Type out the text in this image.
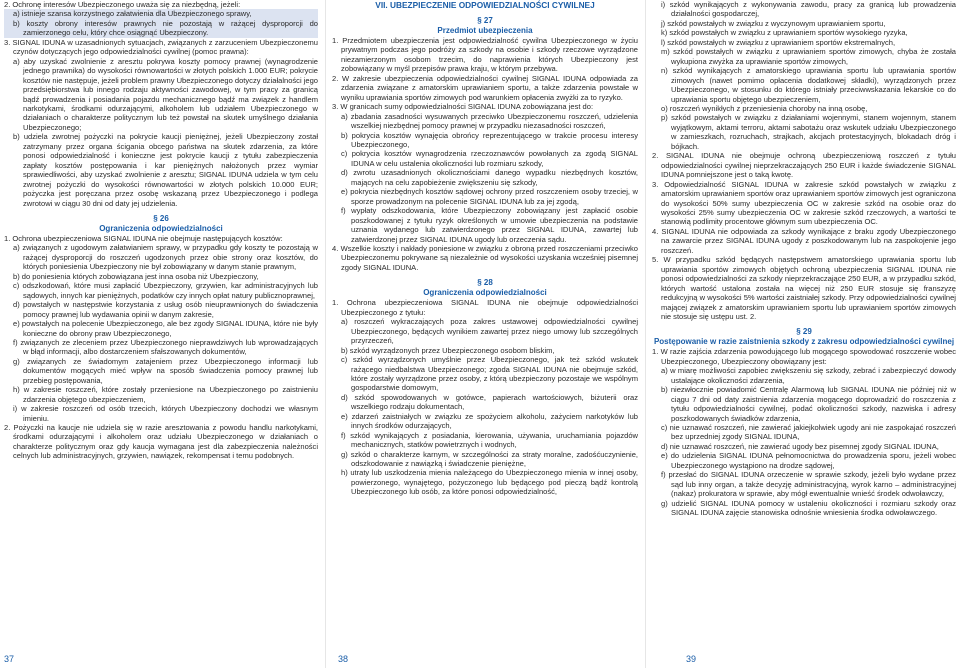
2. Ochronę interesów Ubezpieczonego uważa się za niezbędną, jeżeli:

a) istnieje szansa korzystnego załatwienia dla Ubezpieczonego sprawy,

b) koszty obrony interesów prawnych nie pozostają w rażącej dysproporcji do zamierzonego celu, który chce osiągnąć Ubezpieczony.

3. SIGNAL IDUNA w uzasadnionych sytuacjach, związanych z zarzuceniem Ubezpieczonemu czynów dotyczących jego odpowiedzialności cywilnej (pomoc prawna):

a) aby uzyskać zwolnienie z aresztu pokrywa koszty pomocy prawnej (wynagrodzenie jednego prawnika) do wysokości równowartości w złotych polskich 1.000 EUR; pokrycie kosztów nie następuje, jeżeli problem prawny Ubezpieczonego dotyczy działalności jego przedsiębiorstwa lub innego rodzaju aktywności zawodowej, w tym pracy za granicą bądź prowadzenia i posiadania pojazdu mechanicznego bądź ma związek z handlem narkotykami, środkami odurzającymi, alkoholem lub udziałem Ubezpieczonego w działaniach o charakterze politycznym lub też powstał na skutek umyślnego działania Ubezpieczonego;

b) udziela zwrotnej pożyczki na pokrycie kaucji pieniężnej, jeżeli Ubezpieczony został zatrzymany przez organa ścigania obcego państwa na skutek zdarzenia, za które ponosi odpowiedzialność i konieczne jest pokrycie kaucji z tytułu zabezpieczenia zapłaty kosztów postępowania i kar pieniężnych nałożonych przez wymiar sprawiedliwości, aby uzyskać zwolnienie z aresztu; SIGNAL IDUNA udziela w tym celu zwrotnej pożyczki do wysokości równowartości w złotych polskich 10.000 EUR; pożyczka jest poręczana przez osobę wskazaną przez Ubezpieczonego i podlega zwrotowi w ciągu 30 dni od daty jej udzielenia.

§ 26

Ograniczenia odpowiedzialności

1. Ochrona ubezpieczeniowa SIGNAL IDUNA nie obejmuje następujących kosztów:

a) związanych z ugodowym załatwianiem sprawy, w przypadku gdy koszty te pozostają w rażącej dysproporcji do roszczeń ugodzonych przez obie strony oraz kosztów, do których poniesienia Ubezpieczony nie był zobowiązany w danym stanie prawnym,

b) do poniesienia których zobowiązana jest inna osoba niż Ubezpieczony,

c) odszkodowań, które musi zapłacić Ubezpieczony, grzywien, kar administracyjnych lub sądowych, innych kar pieniężnych, podatków czy innych opłat natury publicznoprawnej,

d) powstałych w następstwie korzystania z usług osób nieuprawnionych do świadczenia pomocy prawnej lub wydawania opinii w danym zakresie,

e) powstałych na polecenie Ubezpieczonego, ale bez zgody SIGNAL IDUNA, które nie były konieczne do obrony praw Ubezpieczonego,

f) związanych ze zleceniem przez Ubezpieczonego nieprawdziwych lub wprowadzających w błąd informacji, albo dostarczeniem sfałszowanych dokumentów,

g) związanych ze świadomym zatajeniem przez Ubezpieczonego informacji lub dokumentów mogących mieć wpływ na sposób świadczenia pomocy prawnej lub przebieg postępowania,

h) w zakresie roszczeń, które zostały przeniesione na Ubezpieczonego po zaistnieniu zdarzenia objętego ubezpieczeniem,

i) w zakresie roszczeń od osób trzecich, których Ubezpieczony dochodzi we własnym imieniu.

2. Pożyczki na kaucje nie udziela się w razie aresztowania z powodu handlu narkotykami, środkami odurzającymi i alkoholem oraz udziału Ubezpieczonego w działaniach o charakterze politycznym oraz gdy kaucja wymagana jest dla zabezpieczenia należności celnych lub administracyjnych, grzywien, nawiązek, rekompensat i temu podobnych.

37

VII. UBEZPIECZENIE ODPOWIEDZIALNOŚCI CYWILNEJ

§ 27

Przedmiot ubezpieczenia

1. Przedmiotem ubezpieczenia jest odpowiedzialność cywilna Ubezpieczonego w życiu prywatnym podczas jego podróży za szkody na osobie i szkody rzeczowe wyrządzone niezamierzonym osobom trzecim, do naprawienia których Ubezpieczony jest zobowiązany w myśl przepisów prawa kraju, w którym przebywa.

2. W zakresie ubezpieczenia odpowiedzialności cywilnej SIGNAL IDUNA odpowiada za zdarzenia związane z amatorskim uprawianiem sportu, a także zdarzenia powstałe w wyniku uprawiania sportów zimowych pod warunkiem opłacenia zwyżki za to ryzyko.

3. W granicach sumy odpowiedzialności SIGNAL IDUNA zobowiązana jest do:

a) zbadania zasadności wysuwanych przeciwko Ubezpieczonemu roszczeń, udzielenia wszelkiej niezbędnej pomocy prawnej w przypadku niezasadności roszczeń,

b) pokrycia kosztów wynajęcia obrońcy reprezentującego w trakcie procesu interesy Ubezpieczonego,

c) pokrycia kosztów wynagrodzenia rzeczoznawców powołanych za zgodą SIGNAL IDUNA w celu ustalenia okoliczności lub rozmiaru szkody,

d) zwrotu uzasadnionych okolicznościami danego wypadku niezbędnych kosztów, mających na celu zapobieżenie zwiększeniu się szkody,

e) pokrycia niezbędnych kosztów sądowej ochrony przed roszczeniem osoby trzeciej, w sporze prowadzonym na polecenie SIGNAL IDUNA lub za jej zgodą,

f) wypłaty odszkodowania, które Ubezpieczony zobowiązany jest zapłacić osobie poszkodowanej z tytułu ryzyk określonych w umowie ubezpieczenia na podstawie uznania wydanego lub zatwierdzonego przez SIGNAL IDUNA, zawartej lub zatwierdzonej przez SIGNAL IDUNA ugody lub orzeczenia sądu.

4. Wszelkie koszty i nakłady poniesione w związku z obroną przed roszczeniami przeciwko Ubezpieczonemu pokrywane są niezależnie od wysokości uzyskania wcześniej pisemnej zgody SIGNAL IDUNA.

§ 28

Ograniczenia odpowiedzialności

1. Ochrona ubezpieczeniowa SIGNAL IDUNA nie obejmuje odpowiedzialności Ubezpieczonego z tytułu:

a) roszczeń wykraczających poza zakres ustawowej odpowiedzialności cywilnej Ubezpieczonego, będących wynikiem zawartej przez niego umowy lub szczególnych przyrzeczeń,

b) szkód wyrządzonych przez Ubezpieczonego osobom bliskim,

c) szkód wyrządzonych umyślnie przez Ubezpieczonego, jak też szkód wskutek rażącego niedbalstwa Ubezpieczonego; zgoda SIGNAL IDUNA nie obejmuje szkód, które zostały wyrządzone przez osoby, z którą ubezpieczony pozostaje we wspólnym gospodarstwie domowym,

d) szkód spowodowanych w gotówce, papierach wartościowych, biżuterii oraz wszelkiego rodzaju dokumentach,

e) zdarzeń zaistniałych w związku ze spożyciem alkoholu, zażyciem narkotyków lub innych środków odurzających,

f) szkód wynikających z posiadania, kierowania, używania, uruchamiania pojazdów mechanicznych, statków powietrznych i wodnych,

g) szkód o charakterze karnym, w szczególności za straty moralne, zadośćuczynienie, odszkodowanie z nawiązką i świadczenie pieniężne,

h) utraty lub uszkodzenia mienia należącego do Ubezpieczonego mienia w innej osoby, powierzonego, wynajętego, pożyczonego lub będącego pod pieczą bądź kontrolą Ubezpieczonego lub osób, za które ponosi odpowiedzialność,

38

i) szkód wynikających z wykonywania zawodu, pracy za granicą lub prowadzenia działalności gospodarczej,

j) szkód powstałych w związku z wyczynowym uprawianiem sportu,

k) szkód powstałych w związku z uprawianiem sportów wysokiego ryzyka,

l) szkód powstałych w związku z uprawianiem sportów ekstremalnych,

m) szkód powstałych w związku z uprawianiem sportów zimowych, chyba że została wykupiona zwyżka za uprawianie sportów zimowych,

n) szkód wynikających z amatorskiego uprawiania sportu lub uprawiania sportów zimowych (nawet pomimo opłacenia dodatkowej składki), wyrządzonych przez Ubezpieczonego, w stosunku do którego istniały przeciwwskazania lekarskie co do uprawiania sportu objętego ubezpieczeniem,

o) roszczeń wynikłych z przeniesienia choroby na inną osobę,

p) szkód powstałych w związku z działaniami wojennymi, stanem wojennym, stanem wyjątkowym, aktami terroru, aktami sabotażu oraz wskutek udziału Ubezpieczonego w zamieszkach, rozruchach, strajkach, akcjach protestacyjnych, blokadach dróg i bójkach.

2. SIGNAL IDUNA nie obejmuje ochroną ubezpieczeniową roszczeń z tytułu odpowiedzialności cywilnej nieprzekraczających 250 EUR i każde świadczenie SIGNAL IDUNA pomniejszone jest o taką kwotę.

3. Odpowiedzialność SIGNAL IDUNA w zakresie szkód powstałych w związku z amatorskim uprawianiem sportów oraz uprawianiem sportów zimowych jest ograniczona do wysokości 50% sumy ubezpieczenia OC w zakresie szkód na osobie oraz do wysokości 25% sumy ubezpieczenia OC w zakresie szkód rzeczowych, a wartości te stanowią podlimity procentowe głównym sum ubezpieczenia OC.

4. SIGNAL IDUNA nie odpowiada za szkody wynikające z braku zgody Ubezpieczonego na zawarcie przez SIGNAL IDUNA ugody z poszkodowanym lub na zaspokojenie jego roszczeń.

5. W przypadku szkód będących następstwem amatorskiego uprawiania sportu lub uprawiania sportów zimowych objętych ochroną ubezpieczenia SIGNAL IDUNA nie ponosi odpowiedzialności za szkody nieprzekraczające 250 EUR, a w przypadku szkód, których wartość ustalona została na więcej niż 250 EUR stosuje się franszyzę redukcyjną w wysokości 5% wartości zaistniałej szkody. Przy odpowiedzialności cywilnej mającej związek z amatorskim uprawianiem sportu lub uprawianiem sportów zimowych nie stosuje się ustępu ust. 2.

§ 29

Postępowanie w razie zaistnienia szkody z zakresu odpowiedzialności cywilnej

1. W razie zajścia zdarzenia powodującego lub mogącego spowodować roszczenie wobec Ubezpieczonego, Ubezpieczony obowiązany jest:

a) w miarę możliwości zapobiec zwiększeniu się szkody, zebrać i zabezpieczyć dowody ustalające okoliczności zdarzenia,

b) niezwłocznie powiadomić Centralę Alarmową lub SIGNAL IDUNA nie później niż w ciągu 7 dni od daty zaistnienia zdarzenia mogącego doprowadzić do roszczenia z tytułu odpowiedzialności cywilnej, podać okoliczności szkody, nazwiska i adresy poszkodowanych świadków zdarzenia,

c) nie uznawać roszczeń, nie zawierać jakiejkolwiek ugody ani nie zaspokajać roszczeń bez uprzedniej zgody SIGNAL IDUNA,

d) nie uznawać roszczeń, nie zawierać ugody bez pisemnej zgody SIGNAL IDUNA,

e) do udzielenia SIGNAL IDUNA pełnomocnictwa do prowadzenia sporu, jeżeli wobec Ubezpieczonego wystąpiono na drodze sądowej,

f) przesłać do SIGNAL IDUNA orzeczenie w sprawie szkody, jeżeli było wydane przez sąd lub inny organ, a także decyzję administracyjną, wyrok karno – administracyjnej (nakaz) prokuratora w sprawie, aby mógł ewentualnie wnieść środek odwoławczy,

g) udzielić SIGNAL IDUNA pomocy w ustaleniu okoliczności i rozmiaru szkody oraz SIGNAL IDUNA zajęcie stanowiska odnośnie wniesienia środka odwoławczego.

39
